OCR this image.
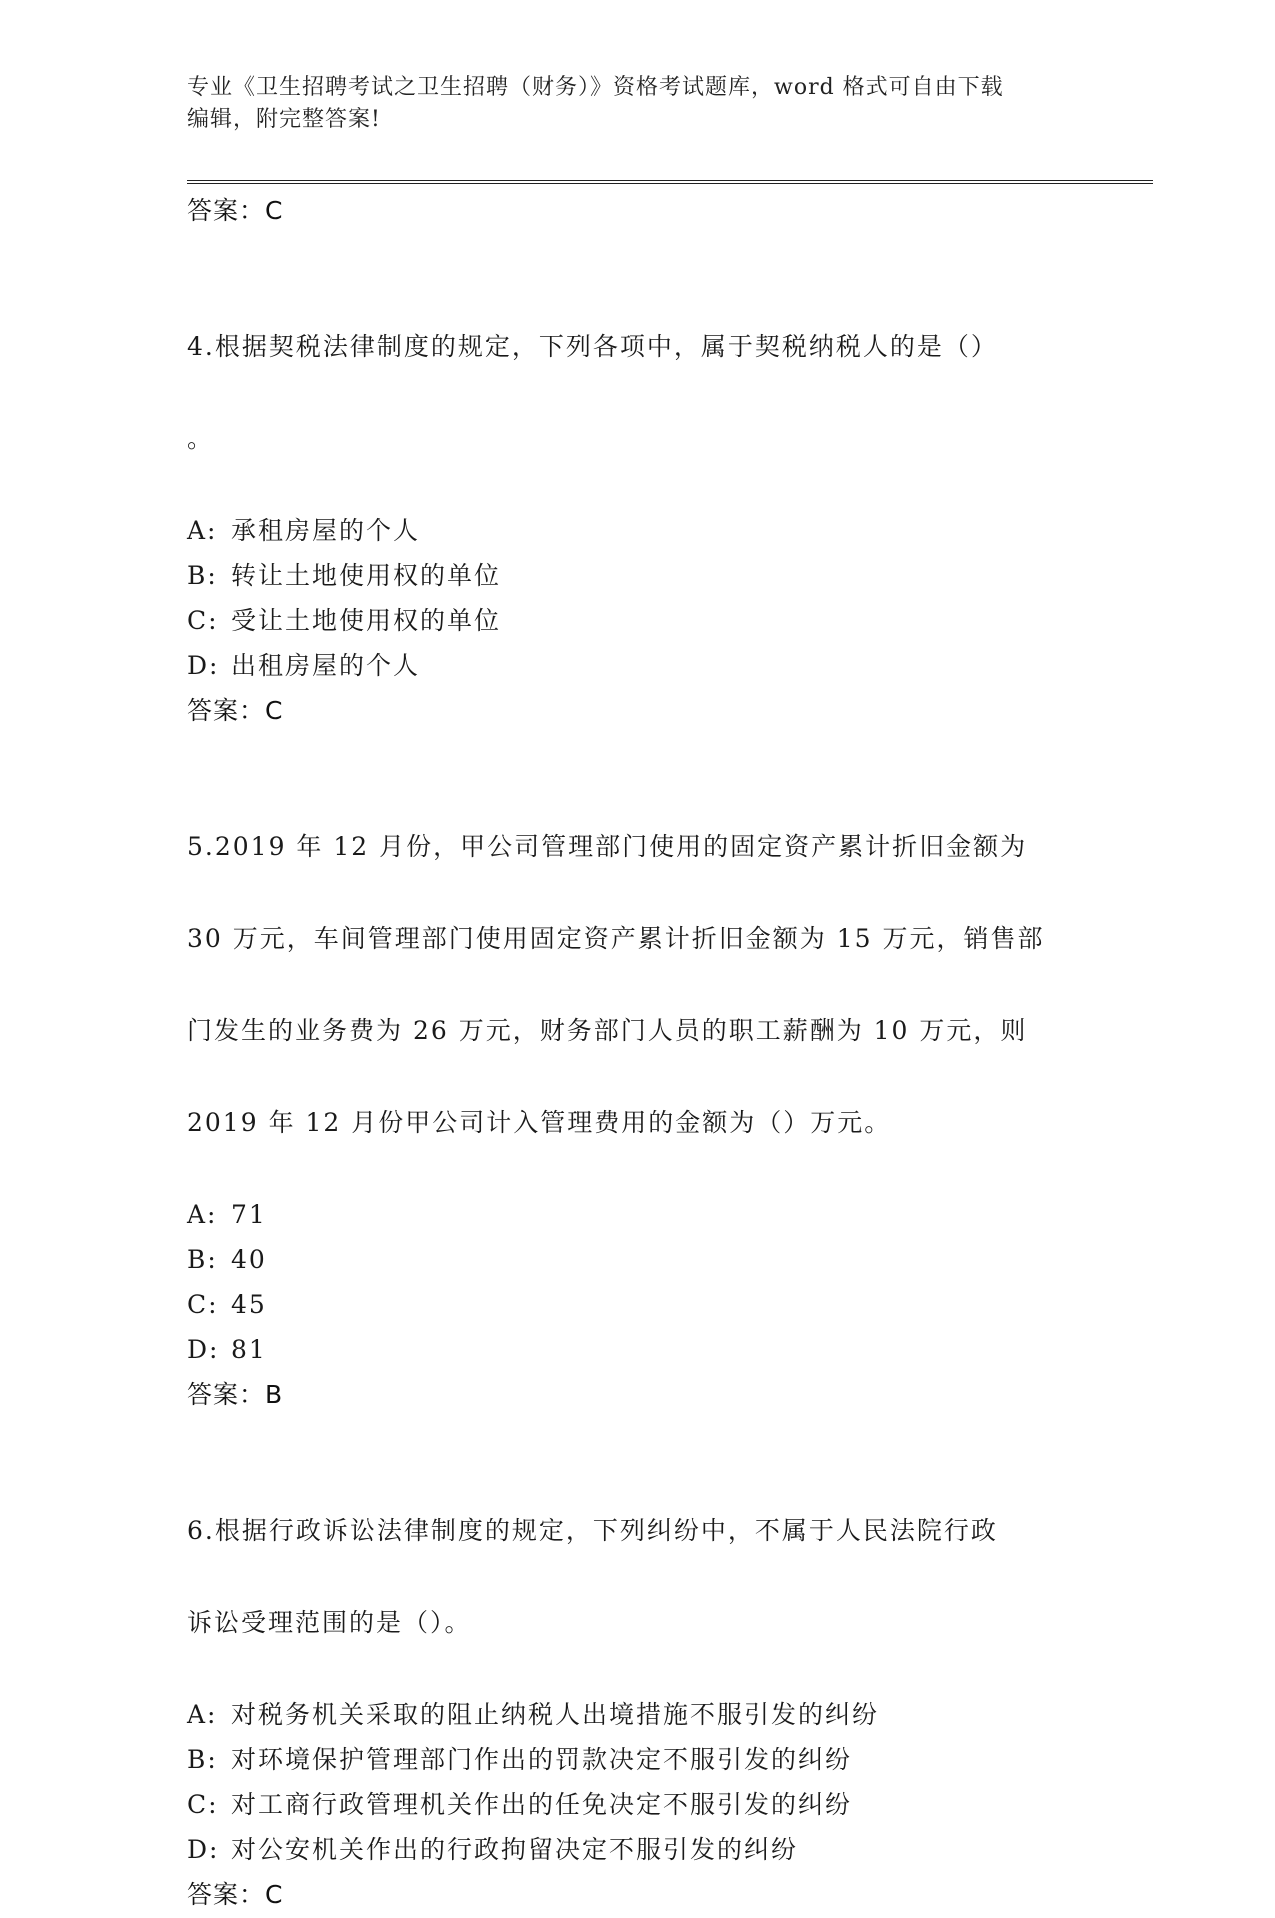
专业《卫生招聘考试之卫生招聘（财务）》资格考试题库，word 格式可自由下载
编辑，附完整答案!
答案：C

4.根据契税法律制度的规定，下列各项中，属于契税纳税人的是（）

。

A: 承租房屋的个人
B: 转让土地使用权的单位
C: 受让土地使用权的单位
D: 出租房屋的个人
答案：C

5.2019 年 12 月份，甲公司管理部门使用的固定资产累计折旧金额为

30 万元，车间管理部门使用固定资产累计折旧金额为 15 万元，销售部

门发生的业务费为 26 万元，财务部门人员的职工薪酬为 10 万元，则

2019 年 12 月份甲公司计入管理费用的金额为（）万元。

A: 71
B: 40
C: 45
D: 81
答案：B

6.根据行政诉讼法律制度的规定，下列纠纷中，不属于人民法院行政

诉讼受理范围的是（）。

A: 对税务机关采取的阻止纳税人出境措施不服引发的纠纷
B: 对环境保护管理部门作出的罚款决定不服引发的纠纷
C: 对工商行政管理机关作出的任免决定不服引发的纠纷
D: 对公安机关作出的行政拘留决定不服引发的纠纷
答案：C
